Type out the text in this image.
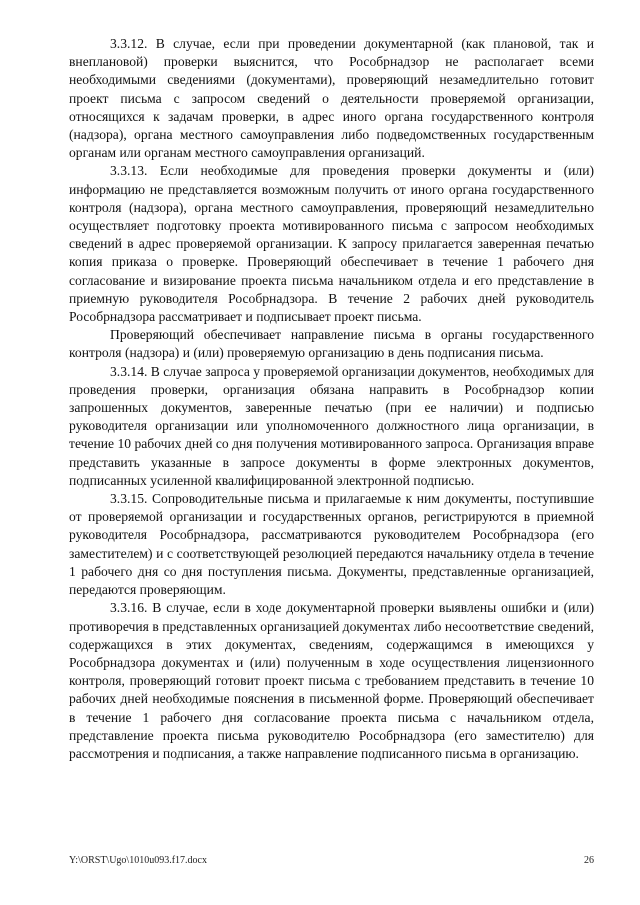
3.3.12. В случае, если при проведении документарной (как плановой, так и внеплановой) проверки выяснится, что Рособрнадзор не располагает всеми необходимыми сведениями (документами), проверяющий незамедлительно готовит проект письма с запросом сведений о деятельности проверяемой организации, относящихся к задачам проверки, в адрес иного органа государственного контроля (надзора), органа местного самоуправления либо подведомственных государственным органам или органам местного самоуправления организаций.

3.3.13. Если необходимые для проведения проверки документы и (или) информацию не представляется возможным получить от иного органа государственного контроля (надзора), органа местного самоуправления, проверяющий незамедлительно осуществляет подготовку проекта мотивированного письма с запросом необходимых сведений в адрес проверяемой организации. К запросу прилагается заверенная печатью копия приказа о проверке. Проверяющий обеспечивает в течение 1 рабочего дня согласование и визирование проекта письма начальником отдела и его представление в приемную руководителя Рособрнадзора. В течение 2 рабочих дней руководитель Рособрнадзора рассматривает и подписывает проект письма.

Проверяющий обеспечивает направление письма в органы государственного контроля (надзора) и (или) проверяемую организацию в день подписания письма.

3.3.14. В случае запроса у проверяемой организации документов, необходимых для проведения проверки, организация обязана направить в Рособрнадзор копии запрошенных документов, заверенные печатью (при ее наличии) и подписью руководителя организации или уполномоченного должностного лица организации, в течение 10 рабочих дней со дня получения мотивированного запроса. Организация вправе представить указанные в запросе документы в форме электронных документов, подписанных усиленной квалифицированной электронной подписью.

3.3.15. Сопроводительные письма и прилагаемые к ним документы, поступившие от проверяемой организации и государственных органов, регистрируются в приемной руководителя Рособрнадзора, рассматриваются руководителем Рособрнадзора (его заместителем) и с соответствующей резолюцией передаются начальнику отдела в течение 1 рабочего дня со дня поступления письма. Документы, представленные организацией, передаются проверяющим.

3.3.16. В случае, если в ходе документарной проверки выявлены ошибки и (или) противоречия в представленных организацией документах либо несоответствие сведений, содержащихся в этих документах, сведениям, содержащимся в имеющихся у Рособрнадзора документах и (или) полученным в ходе осуществления лицензионного контроля, проверяющий готовит проект письма с требованием представить в течение 10 рабочих дней необходимые пояснения в письменной форме. Проверяющий обеспечивает в течение 1 рабочего дня согласование проекта письма с начальником отдела, представление проекта письма руководителю Рособрнадзора (его заместителю) для рассмотрения и подписания, а также направление подписанного письма в организацию.

Y:\ORST\Ugo\1010u093.f17.docx	26
